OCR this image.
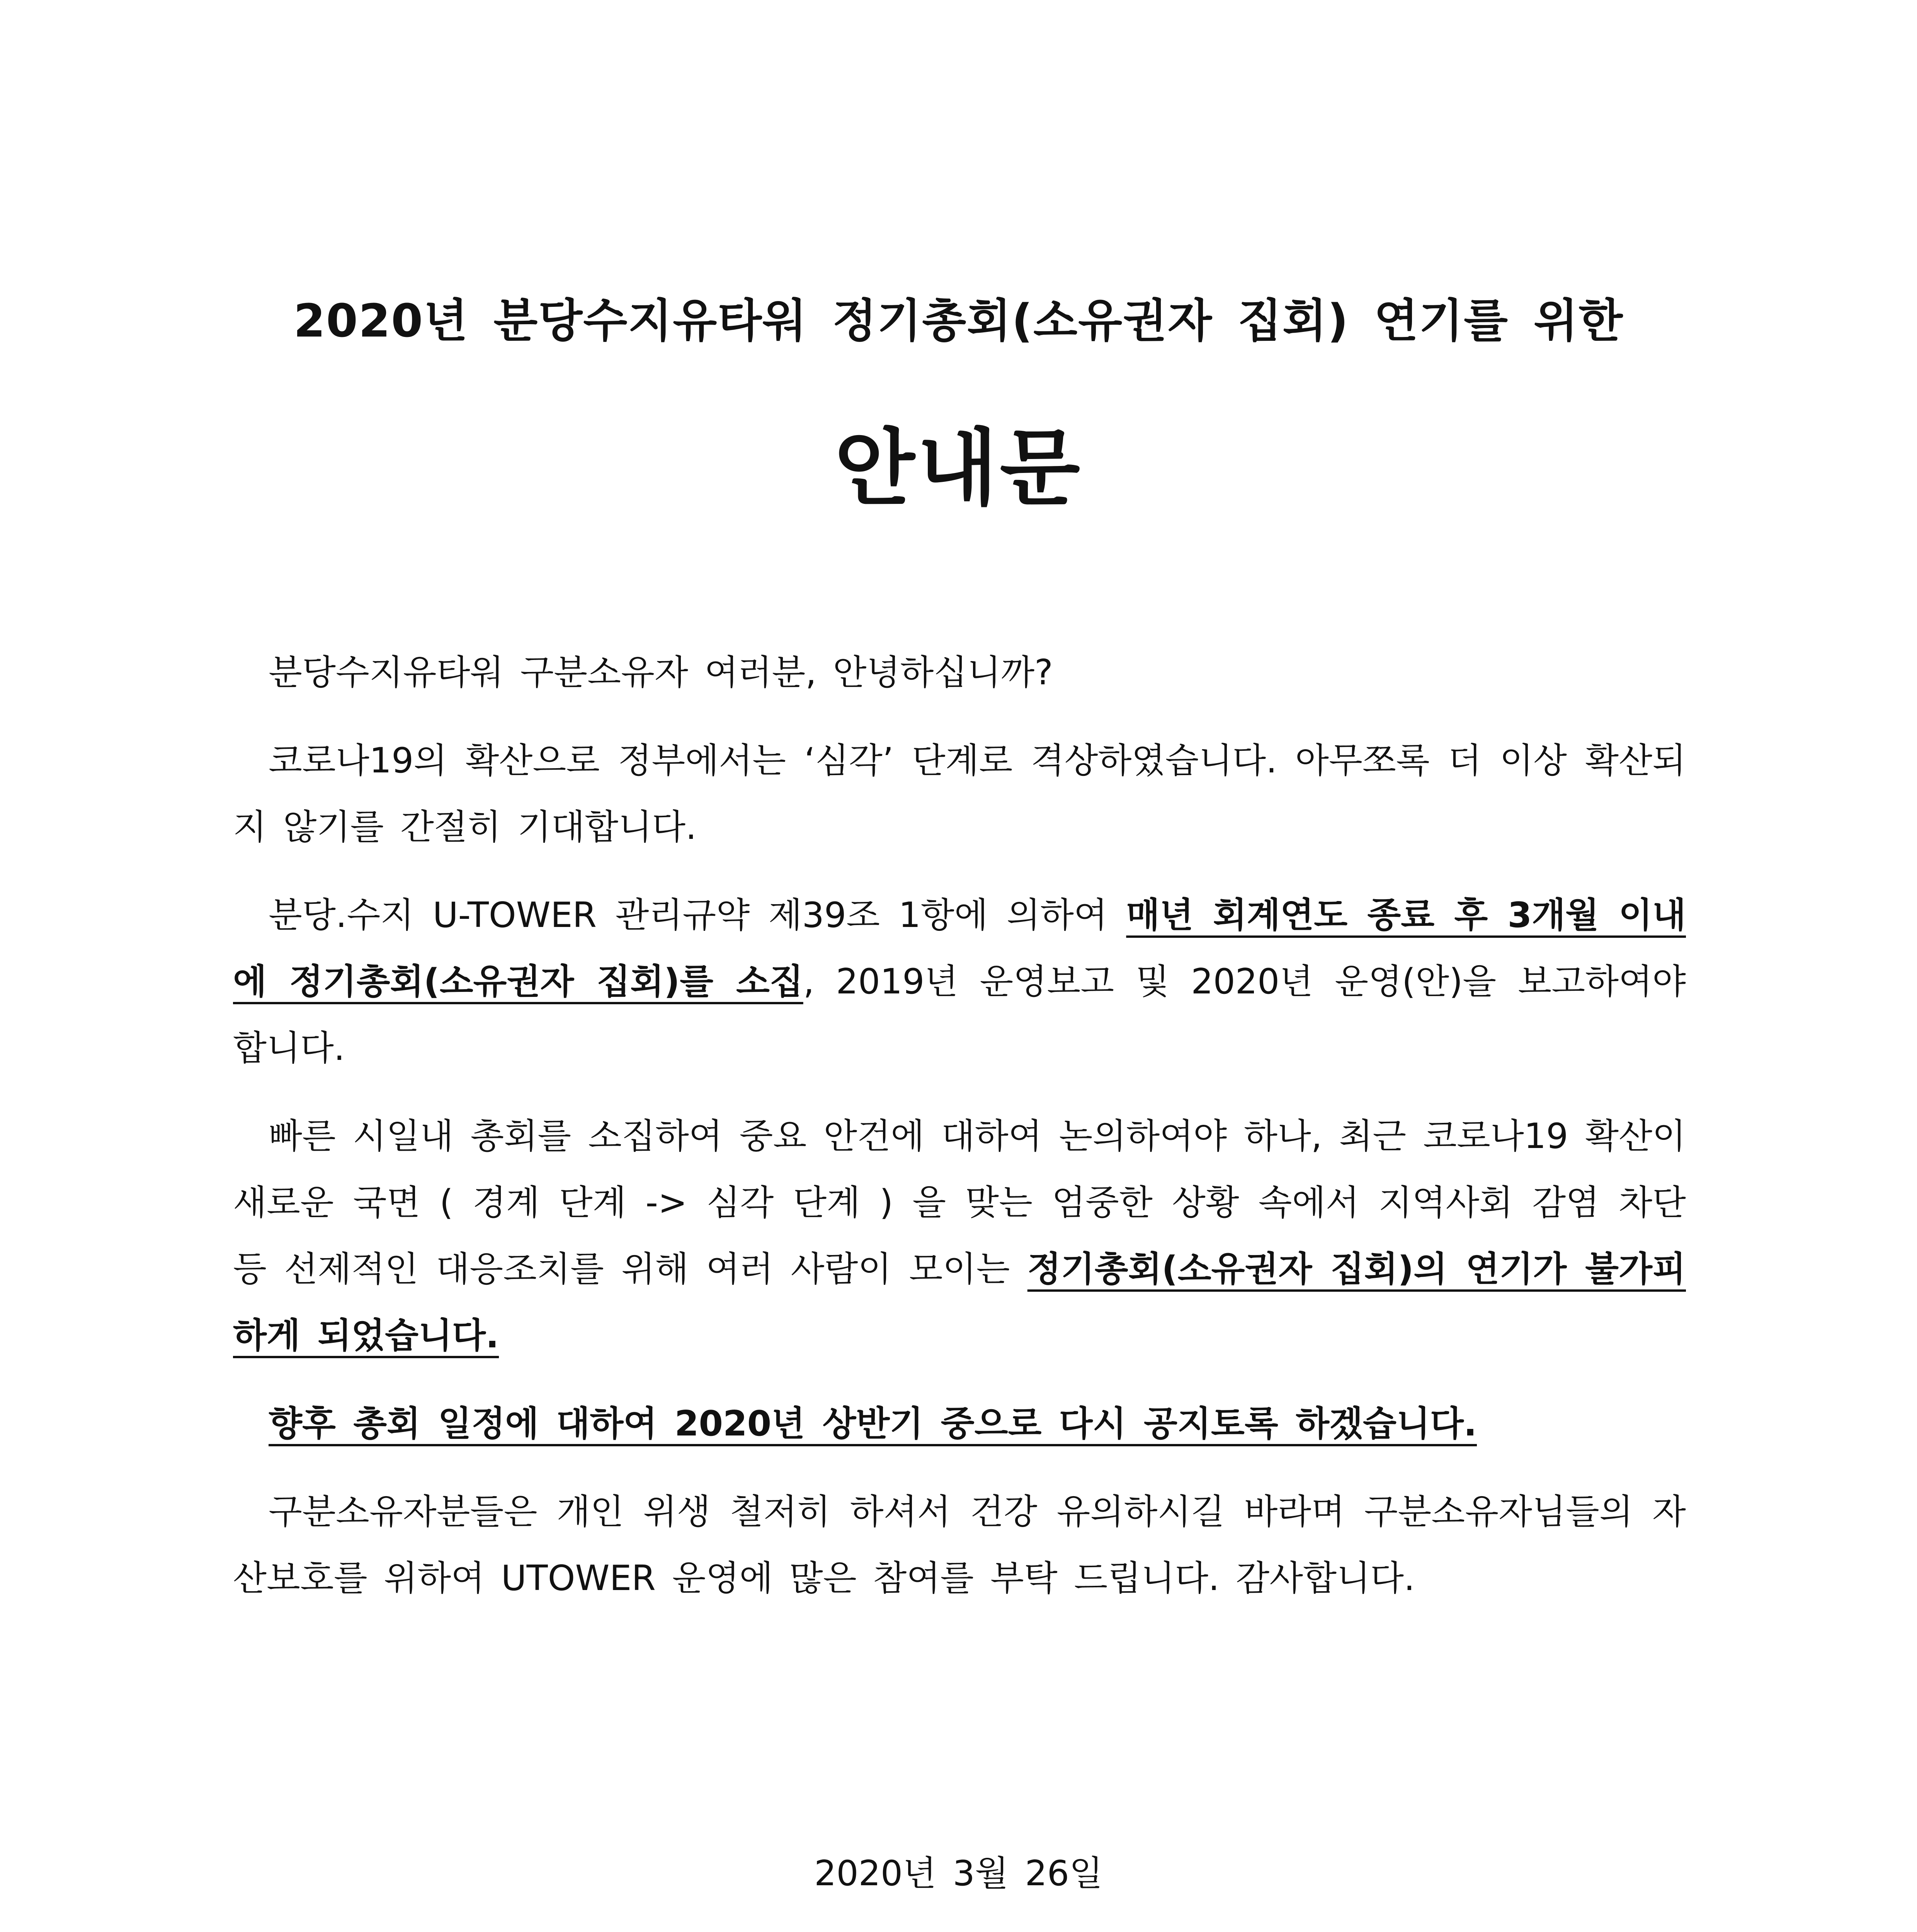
2020년 분당수지유타워 정기총회(소유권자 집회) 연기를 위한
안내문

분당수지유타워 구분소유자 여러분, 안녕하십니까?

코로나19의 확산으로 정부에서는 ‘심각’ 단계로 격상하였습니다. 아무쪼록 더 이상 확산되지 않기를 간절히 기대합니다.

분당.수지 U-TOWER 관리규약 제39조 1항에 의하여 매년 회계연도 종료 후 3개월 이내에 정기총회(소유권자 집회)를 소집, 2019년 운영보고 및 2020년 운영(안)을 보고하여야 합니다.

빠른 시일내 총회를 소집하여 중요 안건에 대하여 논의하여야 하나, 최근 코로나19 확산이 새로운 국면 ( 경계 단계 -> 심각 단계 ) 을 맞는 엄중한 상황 속에서 지역사회 감염 차단 등 선제적인 대응조치를 위해 여러 사람이 모이는 정기총회(소유권자 집회)의 연기가 불가피하게 되었습니다.

향후 총회 일정에 대하여 2020년 상반기 중으로 다시 공지토록 하겠습니다.

구분소유자분들은 개인 위생 철저히 하셔서 건강 유의하시길 바라며 구분소유자님들의 자산보호를 위하여 UTOWER 운영에 많은 참여를 부탁 드립니다. 감사합니다.

2020년 3월 26일
